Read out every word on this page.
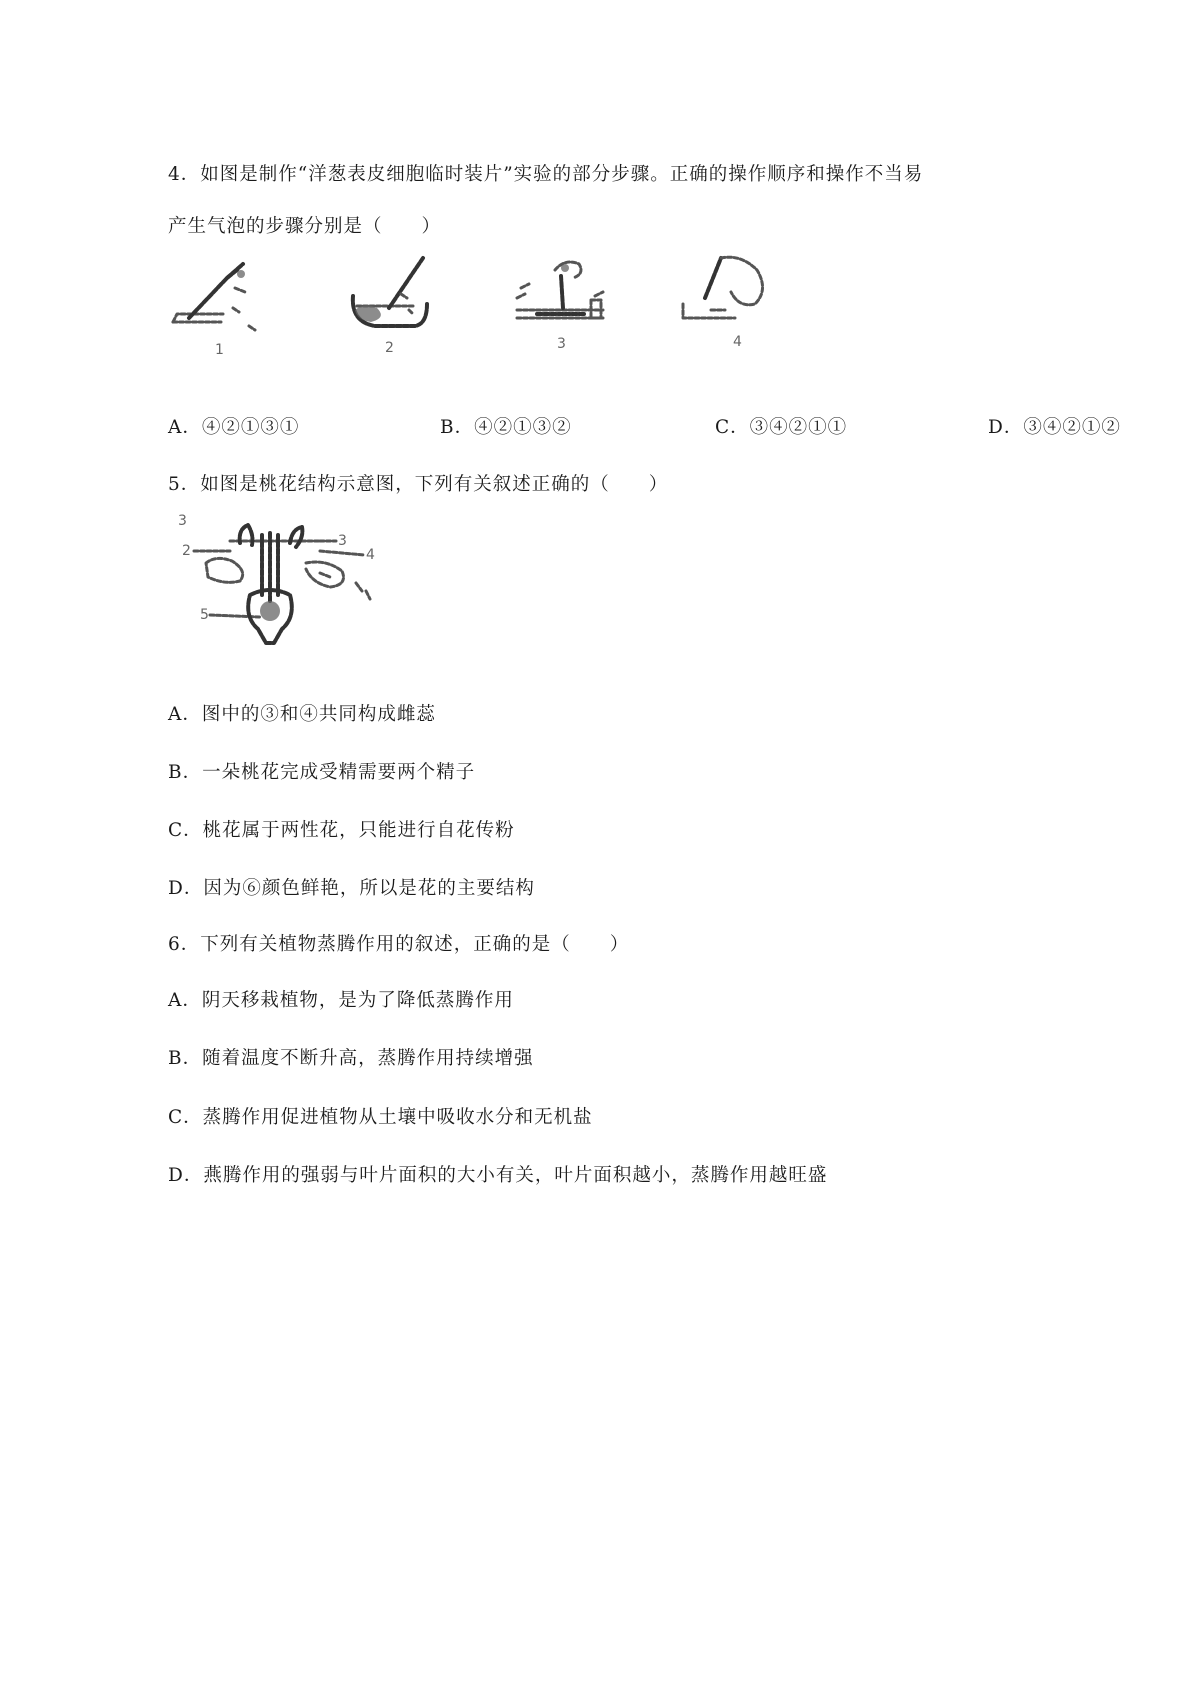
4．如图是制作“洋葱表皮细胞临时装片”实验的部分步骤。正确的操作顺序和操作不当易
产生气泡的步骤分别是（　　）
1	2	3	4
A．④②①③①	B．④②①③②	C．③④②①①	D．③④②①②
5．如图是桃花结构示意图，下列有关叙述正确的（　　）
3
2
3
4
5
A．图中的③和④共同构成雌蕊
B．一朵桃花完成受精需要两个精子
C．桃花属于两性花，只能进行自花传粉
D．因为⑥颜色鲜艳，所以是花的主要结构
6．下列有关植物蒸腾作用的叙述，正确的是（　　）
A．阴天移栽植物，是为了降低蒸腾作用
B．随着温度不断升高，蒸腾作用持续增强
C．蒸腾作用促进植物从土壤中吸收水分和无机盐
D．燕腾作用的强弱与叶片面积的大小有关，叶片面积越小，蒸腾作用越旺盛
